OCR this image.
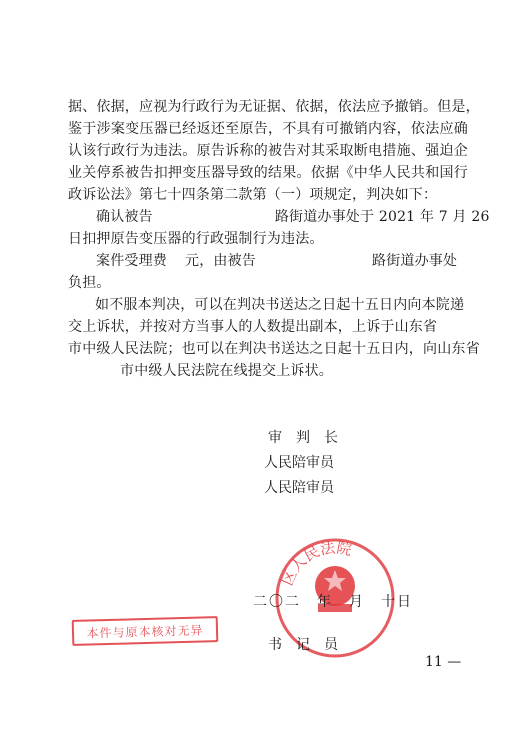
据、依据，应视为行政行为无证据、依据，依法应予撤销。但是，
鉴于涉案变压器已经返还至原告，不具有可撤销内容，依法应确
认该行政行为违法。原告诉称的被告对其采取断电措施、强迫企
业关停系被告扣押变压器导致的结果。依据《中华人民共和国行
政诉讼法》第七十四条第二款第（一）项规定，判决如下：
确认被告	路街道办事处于 2021 年 7 月 26
日扣押原告变压器的行政强制行为违法。
案件受理费 元，由被告	路街道办事处
负担。
如不服本判决，可以在判决书送达之日起十五日内向本院递
交上诉状，并按对方当事人的人数提出副本，上诉于山东省
市中级人民法院；也可以在判决书送达之日起十五日内，向山东省
市中级人民法院在线提交上诉状。
审　判　长
人民陪审员
人民陪审员
区人民法院
二〇二　年　月　十日
本件与原本核对无异
书　记　员
11 —
